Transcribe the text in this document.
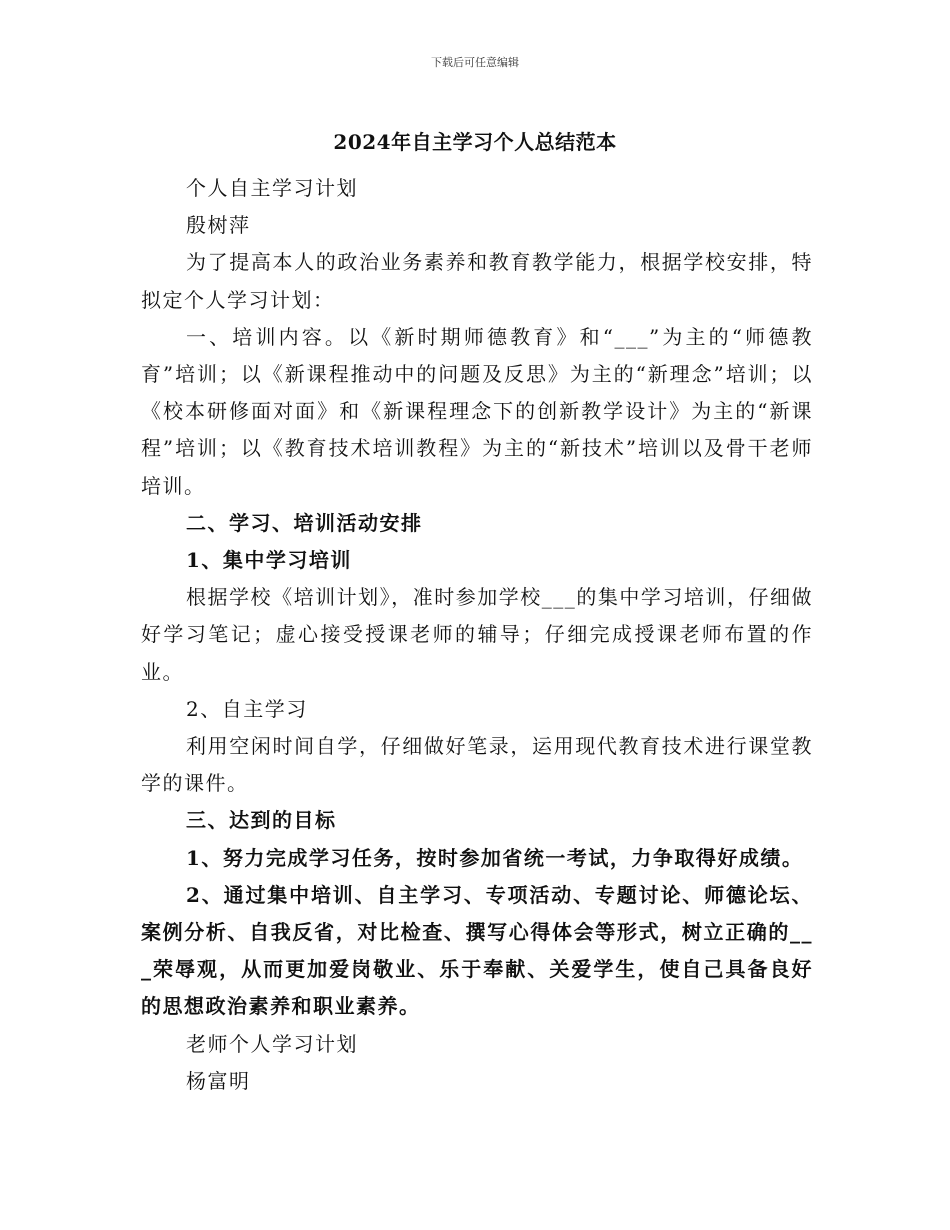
下载后可任意编辑
2024年自主学习个人总结范本

个人自主学习计划

殷树萍

为了提高本人的政治业务素养和教育教学能力，根据学校安排，特拟定个人学习计划：

一、培训内容。以《新时期师德教育》和“___”为主的“师德教育”培训；以《新课程推动中的问题及反思》为主的“新理念”培训；以《校本研修面对面》和《新课程理念下的创新教学设计》为主的“新课程”培训；以《教育技术培训教程》为主的“新技术”培训以及骨干老师培训。

二、学习、培训活动安排

1、集中学习培训

根据学校《培训计划》，准时参加学校___的集中学习培训，仔细做好学习笔记；虚心接受授课老师的辅导；仔细完成授课老师布置的作业。

2、自主学习

利用空闲时间自学，仔细做好笔录，运用现代教育技术进行课堂教学的课件。

三、达到的目标

1、努力完成学习任务，按时参加省统一考试，力争取得好成绩。

2、通过集中培训、自主学习、专项活动、专题讨论、师德论坛、案例分析、自我反省，对比检查、撰写心得体会等形式，树立正确的___荣辱观，从而更加爱岗敬业、乐于奉献、关爱学生，使自己具备良好的思想政治素养和职业素养。

老师个人学习计划

杨富明
